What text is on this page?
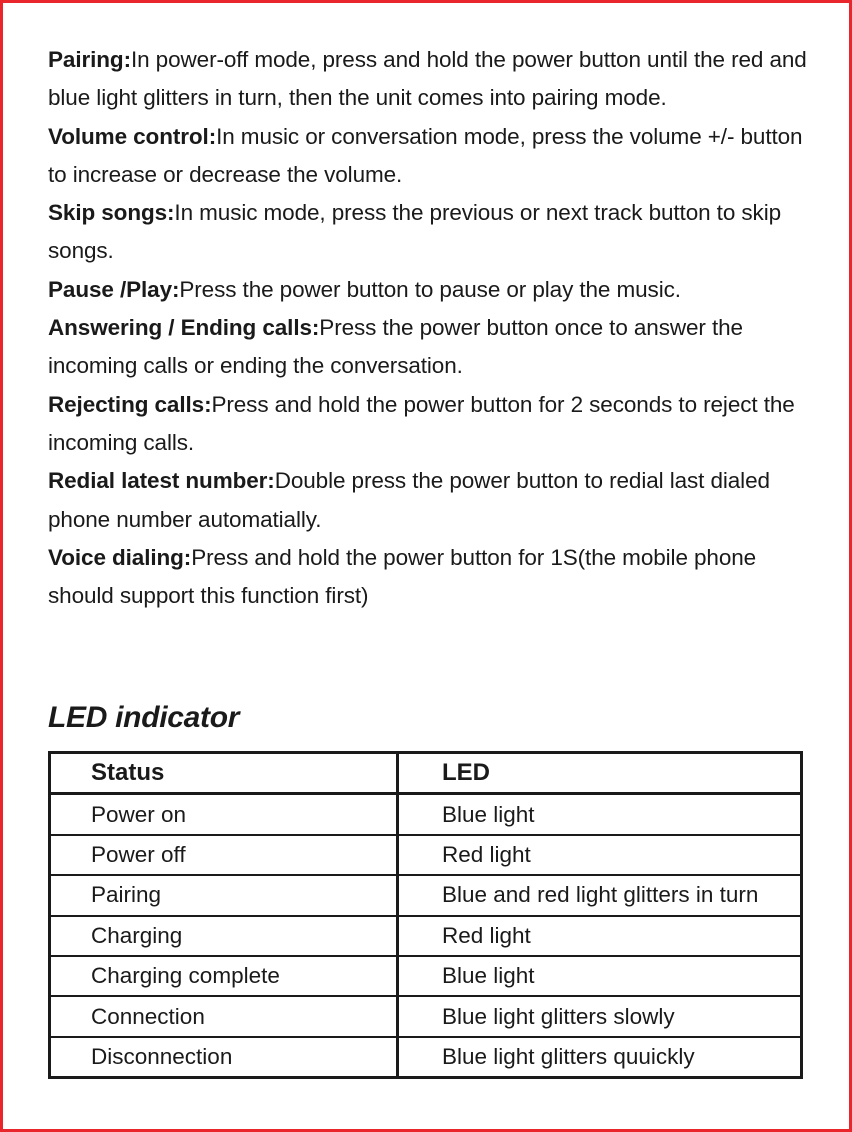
Pairing:In power-off mode, press and hold the power button until the red and blue light glitters in turn, then the unit comes into pairing mode.

Volume control:In music or conversation mode, press the volume +/- button to increase or decrease the volume.

Skip songs:In music mode, press the previous or next track button to skip songs.

Pause /Play:Press the power button to pause or play the music.

Answering / Ending calls:Press the power button once to answer the incoming calls or ending the conversation.

Rejecting calls:Press and hold the power button for 2 seconds to reject the incoming calls.

Redial latest number:Double press the power button to redial last dialed phone number automatially.

Voice dialing:Press and hold the power button for 1S(the mobile phone should support this function first)

LED indicator
Status	LED
Power on	Blue light
Power off	Red light
Pairing	Blue and red light glitters in turn
Charging	Red light
Charging complete	Blue light
Connection	Blue light glitters slowly
Disconnection	Blue light glitters quuickly
